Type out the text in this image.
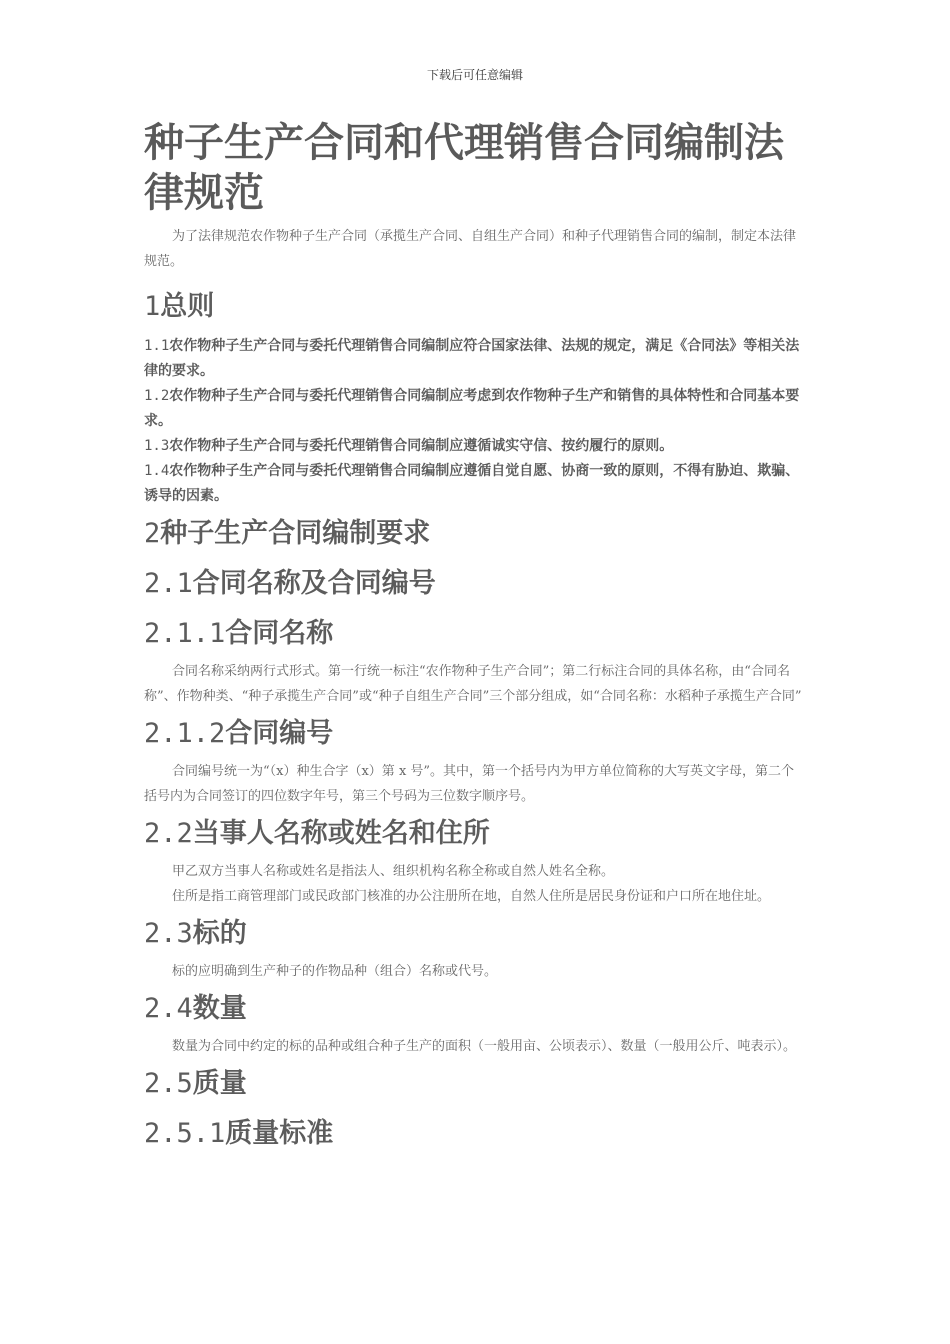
下载后可任意编辑
种子生产合同和代理销售合同编制法律规范

为了法律规范农作物种子生产合同（承揽生产合同、自组生产合同）和种子代理销售合同的编制，制定本法律规范。

1总则

1.1农作物种子生产合同与委托代理销售合同编制应符合国家法律、法规的规定，满足《合同法》等相关法律的要求。

1.2农作物种子生产合同与委托代理销售合同编制应考虑到农作物种子生产和销售的具体特性和合同基本要求。

1.3农作物种子生产合同与委托代理销售合同编制应遵循诚实守信、按约履行的原则。

1.4农作物种子生产合同与委托代理销售合同编制应遵循自觉自愿、协商一致的原则，不得有胁迫、欺骗、诱导的因素。

2种子生产合同编制要求
2.1合同名称及合同编号
2.1.1合同名称

合同名称采纳两行式形式。第一行统一标注“农作物种子生产合同”；第二行标注合同的具体名称，由“合同名称”、作物种类、“种子承揽生产合同”或“种子自组生产合同”三个部分组成，如“合同名称：水稻种子承揽生产合同”

2.1.2合同编号

合同编号统一为“（x）种生合字（x）第 x 号”。其中，第一个括号内为甲方单位简称的大写英文字母，第二个括号内为合同签订的四位数字年号，第三个号码为三位数字顺序号。

2.2当事人名称或姓名和住所

甲乙双方当事人名称或姓名是指法人、组织机构名称全称或自然人姓名全称。

住所是指工商管理部门或民政部门核准的办公注册所在地，自然人住所是居民身份证和户口所在地住址。

2.3标的

标的应明确到生产种子的作物品种（组合）名称或代号。

2.4数量

数量为合同中约定的标的品种或组合种子生产的面积（一般用亩、公顷表示）、数量（一般用公斤、吨表示）。

2.5质量
2.5.1质量标准
